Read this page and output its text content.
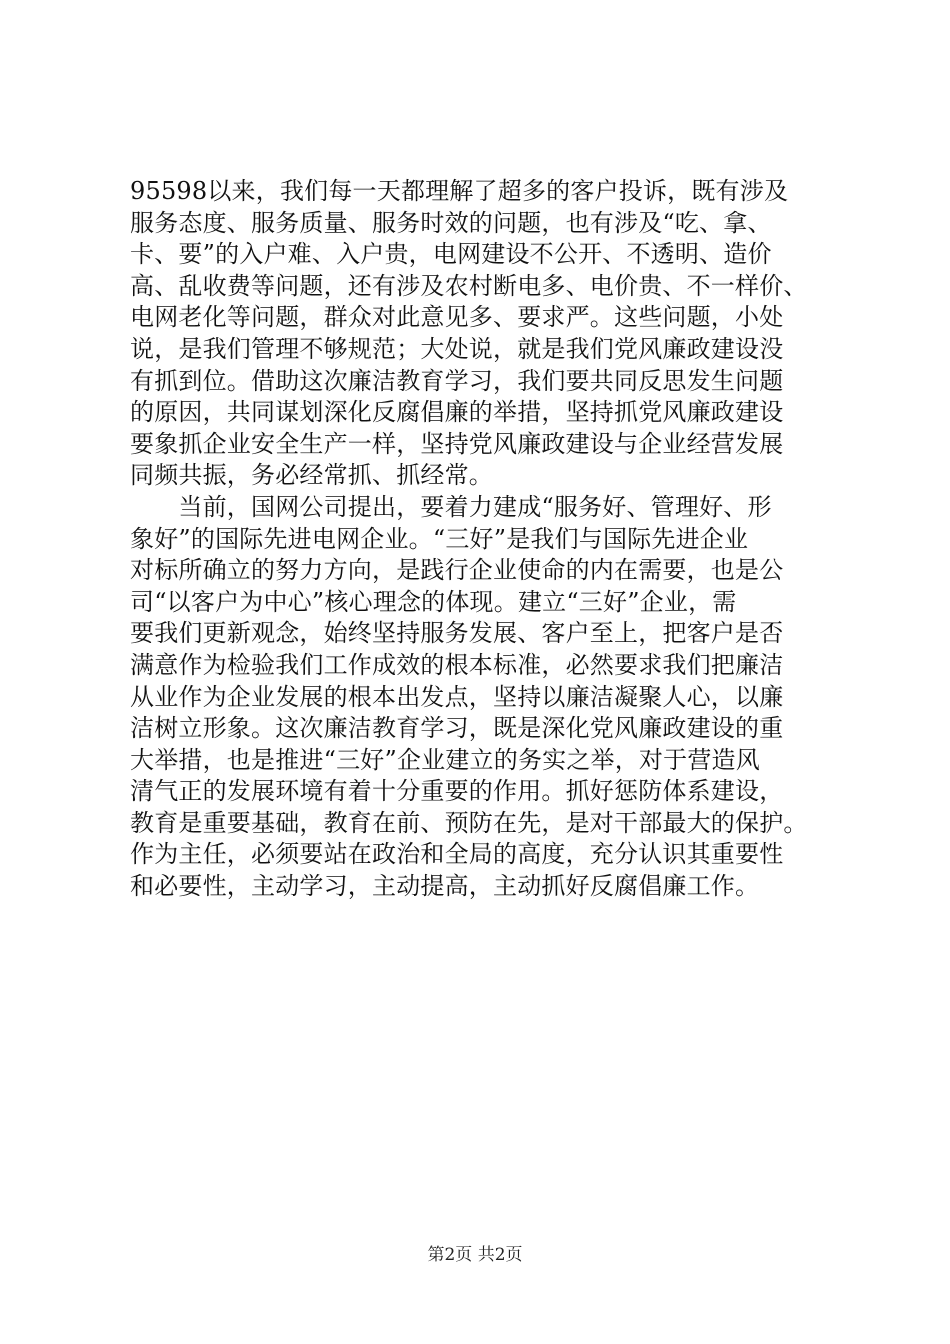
95598以来，我们每一天都理解了超多的客户投诉，既有涉及
服务态度、服务质量、服务时效的问题，也有涉及“吃、拿、
卡、要”的入户难、入户贵，电网建设不公开、不透明、造价
高、乱收费等问题，还有涉及农村断电多、电价贵、不一样价、
电网老化等问题，群众对此意见多、要求严。这些问题，小处
说，是我们管理不够规范；大处说，就是我们党风廉政建设没
有抓到位。借助这次廉洁教育学习，我们要共同反思发生问题
的原因，共同谋划深化反腐倡廉的举措，坚持抓党风廉政建设
要象抓企业安全生产一样，坚持党风廉政建设与企业经营发展
同频共振，务必经常抓、抓经常。
　　当前，国网公司提出，要着力建成“服务好、管理好、形
象好”的国际先进电网企业。“三好”是我们与国际先进企业
对标所确立的努力方向，是践行企业使命的内在需要，也是公
司“以客户为中心”核心理念的体现。建立“三好”企业，需
要我们更新观念，始终坚持服务发展、客户至上，把客户是否
满意作为检验我们工作成效的根本标准，必然要求我们把廉洁
从业作为企业发展的根本出发点，坚持以廉洁凝聚人心，以廉
洁树立形象。这次廉洁教育学习，既是深化党风廉政建设的重
大举措，也是推进“三好”企业建立的务实之举，对于营造风
清气正的发展环境有着十分重要的作用。抓好惩防体系建设，
教育是重要基础，教育在前、预防在先，是对干部最大的保护。
作为主任，必须要站在政治和全局的高度，充分认识其重要性
和必要性，主动学习，主动提高，主动抓好反腐倡廉工作。
第2页 共2页
